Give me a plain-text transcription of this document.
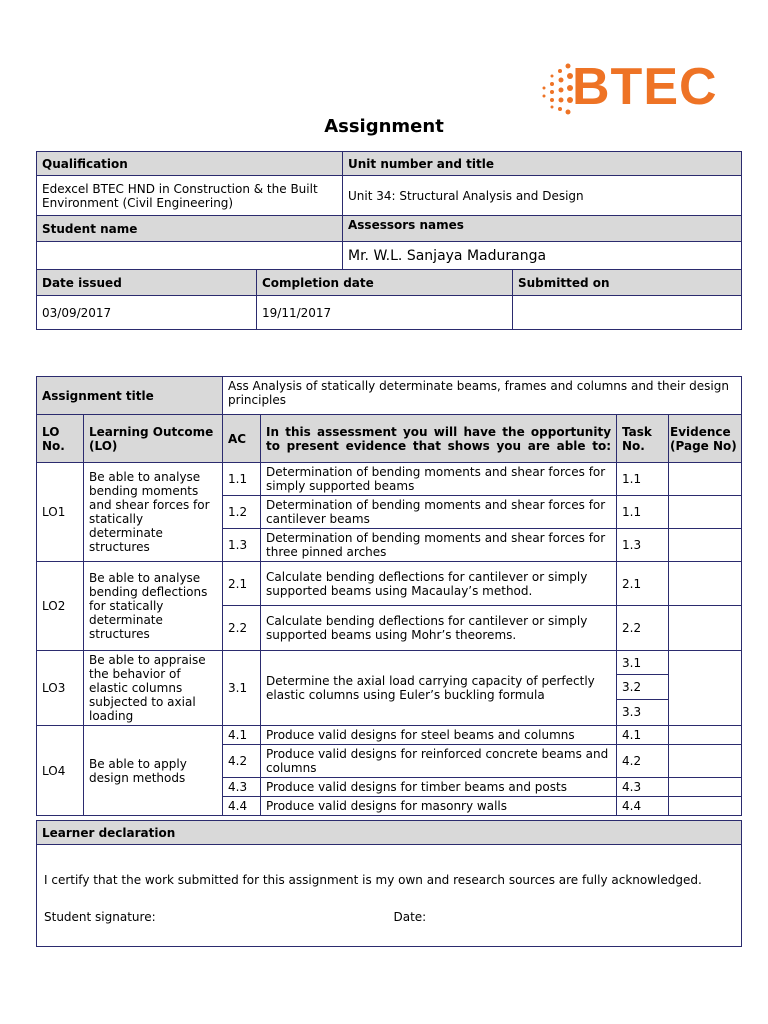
BTEC
Assignment
Qualification		Unit number and title	
Edexcel BTEC HND in Construction & the Built Environment (Civil Engineering)		Unit 34: Structural Analysis and Design	
Student name		Assessors names	
		Mr. W.L. Sanjaya Maduranga	
Date issued	Completion date		Submitted on
03/09/2017	19/11/2017		
Assignment title		Ass Analysis of statically determinate beams, frames and columns and their design principles			
LO No.	Learning Outcome (LO)	AC	In this assessment you will have the opportunity to present evidence that shows you are able to:	Task No.	Evidence (Page No)
LO1	Be able to analyse bending moments and shear forces for statically determinate structures	1.1	Determination of bending moments and shear forces for simply supported beams	1.1	
		1.2	Determination of bending moments and shear forces for cantilever beams	1.1	
		1.3	Determination of bending moments and shear forces for three pinned arches	1.3	
LO2	Be able to analyse bending deflections for statically determinate structures	2.1	Calculate bending deflections for cantilever or simply supported beams using Macaulay’s method.	2.1	
		2.2	Calculate bending deflections for cantilever or simply supported beams using Mohr’s theorems.	2.2	
LO3	Be able to appraise the behavior of elastic columns subjected to axial loading	3.1	Determine the axial load carrying capacity of perfectly elastic columns using Euler’s buckling formula	3.1	
				3.2	
				3.3	
LO4	Be able to apply design methods	4.1	Produce valid designs for steel beams and columns	4.1	
		4.2	Produce valid designs for reinforced concrete beams and columns	4.2	
		4.3	Produce valid designs for timber beams and posts	4.3	
		4.4	Produce valid designs for masonry walls	4.4	
Learner declaration
I certify that the work submitted for this assignment is my own and research sources are fully acknowledged.
Student signature:	Date:
